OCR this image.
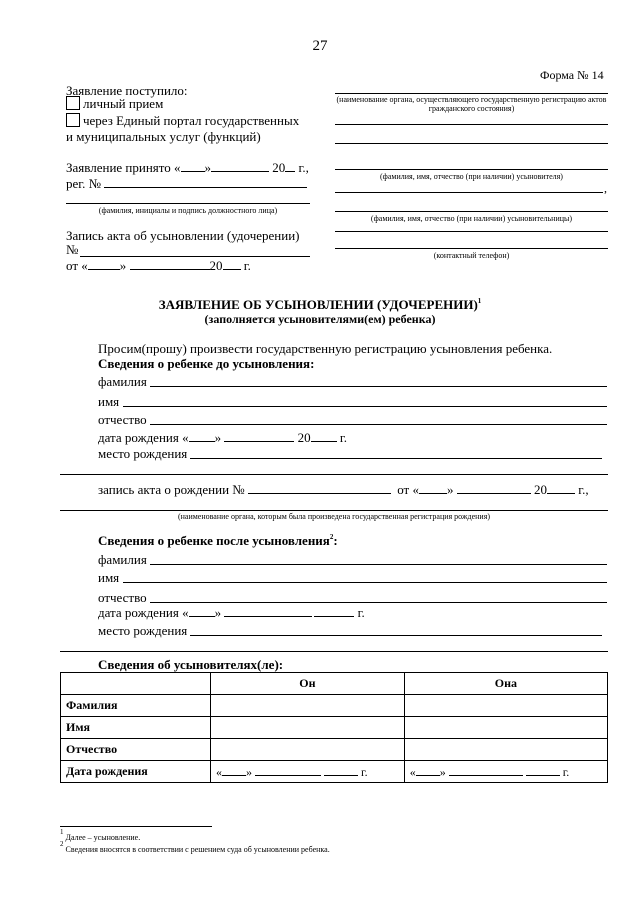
27
Форма № 14
Заявление поступило:
личный прием
через Единый портал государственных
и муниципальных услуг (функций)
Заявление принято « »	20 г.,
рег. №
(фамилия, инициалы и подпись должностного лица)
Запись акта об усыновлении (удочерении)
№
от « »	20 г.
(наименование органа, осуществляющего государственную регистрацию актов гражданского состояния)
(фамилия, имя, отчество (при наличии) усыновителя)
,
(фамилия, имя, отчество (при наличии) усыновительницы)
(контактный телефон)
ЗАЯВЛЕНИЕ ОБ УСЫНОВЛЕНИИ (УДОЧЕРЕНИИ)$^1$
(заполняется усыновителями(ем) ребенка)
Просим(прошу) произвести государственную регистрацию усыновления ребенка.
Сведения о ребенке до усыновления:
фамилия
имя
отчество
дата рождения « »	20 г.
место рождения
запись акта о рождении №	от « »	20 г.,
(наименование органа, которым была произведена государственная регистрация рождения)
Сведения о ребенке после усыновления$^2$:
фамилия
имя
отчество
дата рождения « »	г.
место рождения
Сведения об усыновителях(ле):
	Он	Она
Фамилия		
Имя		
Отчество		
Дата рождения	« » г.	« » г.
$^1$ Далее – усыновление.
$^2$ Сведения вносятся в соответствии с решением суда об усыновлении ребенка.
